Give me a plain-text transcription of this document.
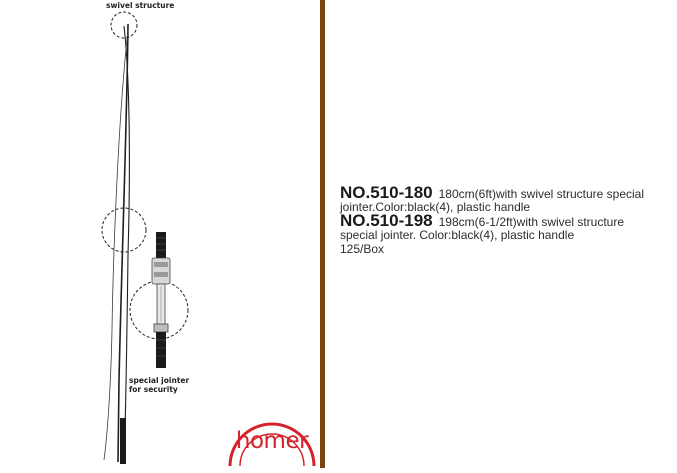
swivel structure
special jointer
for security
homer
NO.510-180 180cm(6ft)with swivel structure special
jointer.Color:black(4), plastic handle
NO.510-198 198cm(6-1/2ft)with swivel structure
special jointer. Color:black(4), plastic handle
125/Box
